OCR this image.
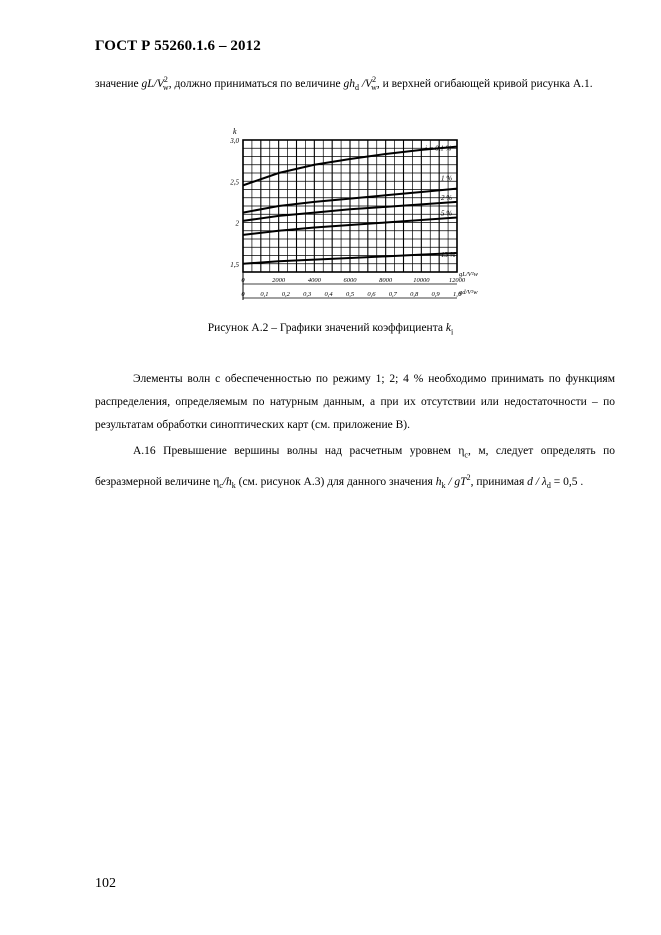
ГОСТ Р 55260.1.6 – 2012
значение $gL/V^2_w$, должно приниматься по величине $gh_d$ $/V^2_w$, и верхней огибающей кривой рисунка А.1.
i = 0,1 %
1 %
2 %
5 %
13 %
3,0
2,5
2
1,5
k
0	2000	4000	6000	8000	10000	12000
0 0,1 0,2 0,3 0,4 0,5 0,6 0,7 0,8 0,9 1,0
gL/V²w
gd/V²w
Рисунок А.2 – Графики значений коэффициента $k_i$
Элементы волн с обеспеченностью по режиму 1; 2; 4 % необходимо принимать по функциям распределения, определяемым по натурным данным, а при их отсутствии или недостаточности – по результатам обработки синоптических карт (см. приложение В).
А.16 Превышение вершины волны над расчетным уровнем $\eta_c$, м, следует определять по безразмерной величине $\eta_c/h_k$ (см. рисунок А.3) для данного значения $h_k / gT^2$, принимая $d / \lambda_d = 0,5$ .
102
